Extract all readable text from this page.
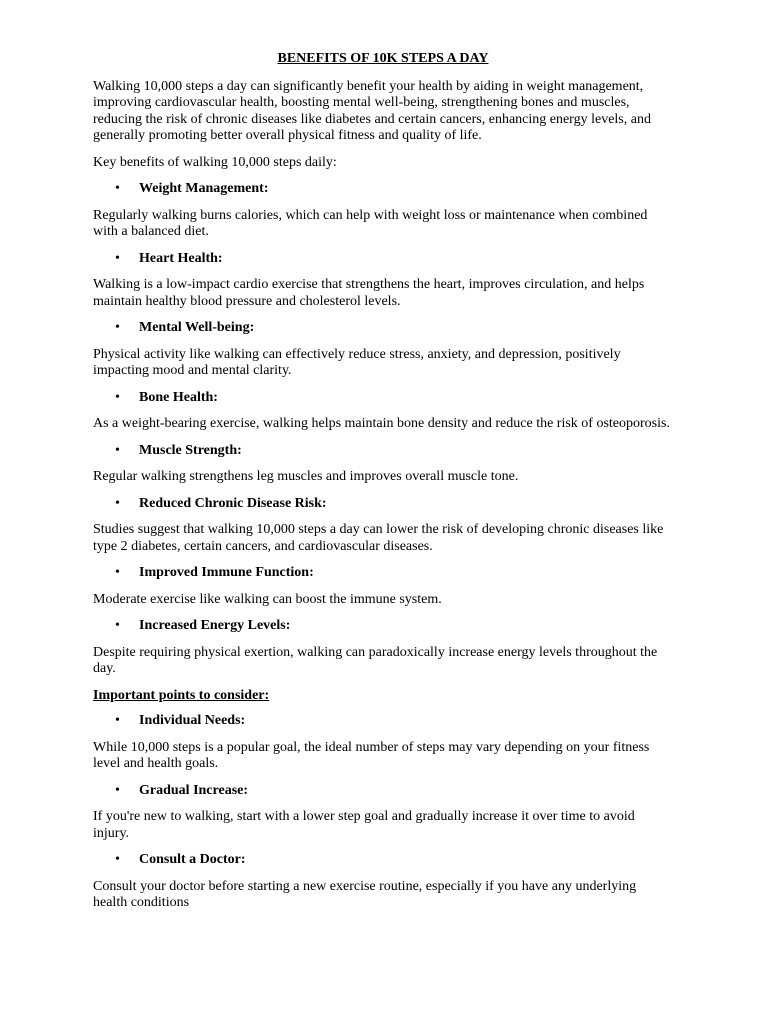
BENEFITS OF 10K STEPS A DAY

Walking 10,000 steps a day can significantly benefit your health by aiding in weight management, improving cardiovascular health, boosting mental well-being, strengthening bones and muscles, reducing the risk of chronic diseases like diabetes and certain cancers, enhancing energy levels, and generally promoting better overall physical fitness and quality of life.

Key benefits of walking 10,000 steps daily:

• Weight Management:

Regularly walking burns calories, which can help with weight loss or maintenance when combined with a balanced diet.

• Heart Health:

Walking is a low-impact cardio exercise that strengthens the heart, improves circulation, and helps maintain healthy blood pressure and cholesterol levels.

• Mental Well-being:

Physical activity like walking can effectively reduce stress, anxiety, and depression, positively impacting mood and mental clarity.

• Bone Health:

As a weight-bearing exercise, walking helps maintain bone density and reduce the risk of osteoporosis.

• Muscle Strength:

Regular walking strengthens leg muscles and improves overall muscle tone.

• Reduced Chronic Disease Risk:

Studies suggest that walking 10,000 steps a day can lower the risk of developing chronic diseases like type 2 diabetes, certain cancers, and cardiovascular diseases.

• Improved Immune Function:

Moderate exercise like walking can boost the immune system.

• Increased Energy Levels:

Despite requiring physical exertion, walking can paradoxically increase energy levels throughout the day.

Important points to consider:
• Individual Needs:

While 10,000 steps is a popular goal, the ideal number of steps may vary depending on your fitness level and health goals.

• Gradual Increase:

If you're new to walking, start with a lower step goal and gradually increase it over time to avoid injury.

• Consult a Doctor:

Consult your doctor before starting a new exercise routine, especially if you have any underlying health conditions
